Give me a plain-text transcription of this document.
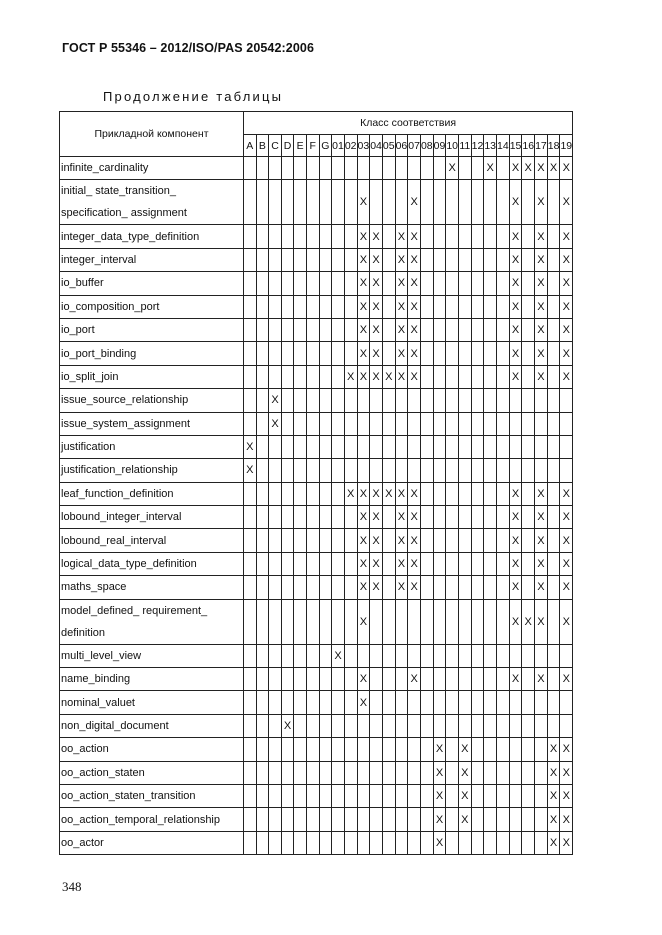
ГОСТ Р 55346 – 2012/ISO/PAS 20542:2006
Продолжение таблицы
Прикладной компонент	Класс соответствия																									
	A	B	C	D	E	F	G	01	02	03	04	05	06	07	08	09	10	11	12	13	14	15	16	17	18	19
infinite_cardinality																	X			X		X	X	X	X	X
initial_ state_transition_ specification_ assignment										X				X								X		X		X
integer_data_type_definition										X	X		X	X								X		X		X
integer_interval										X	X		X	X								X		X		X
io_buffer										X	X		X	X								X		X		X
io_composition_port										X	X		X	X								X		X		X
io_port										X	X		X	X								X		X		X
io_port_binding										X	X		X	X								X		X		X
io_split_join									X	X	X	X	X	X								X		X		X
issue_source_relationship			X																							
issue_system_assignment			X																							
justification	X																									
justification_relationship	X																									
leaf_function_definition									X	X	X	X	X	X								X		X		X
lobound_integer_interval										X	X		X	X								X		X		X
lobound_real_interval										X	X		X	X								X		X		X
logical_data_type_definition										X	X		X	X								X		X		X
maths_space										X	X		X	X								X		X		X
model_defined_ requirement_ definition										X												X	X	X		X
multi_level_view								X																		
name_binding										X				X								X		X		X
nominal_valuet										X																
non_digital_document				X																						
oo_action																X		X							X	X
oo_action_staten																X		X							X	X
oo_action_staten_transition																X		X							X	X
oo_action_temporal_relationship																X		X							X	X
oo_actor																X									X	X
348
